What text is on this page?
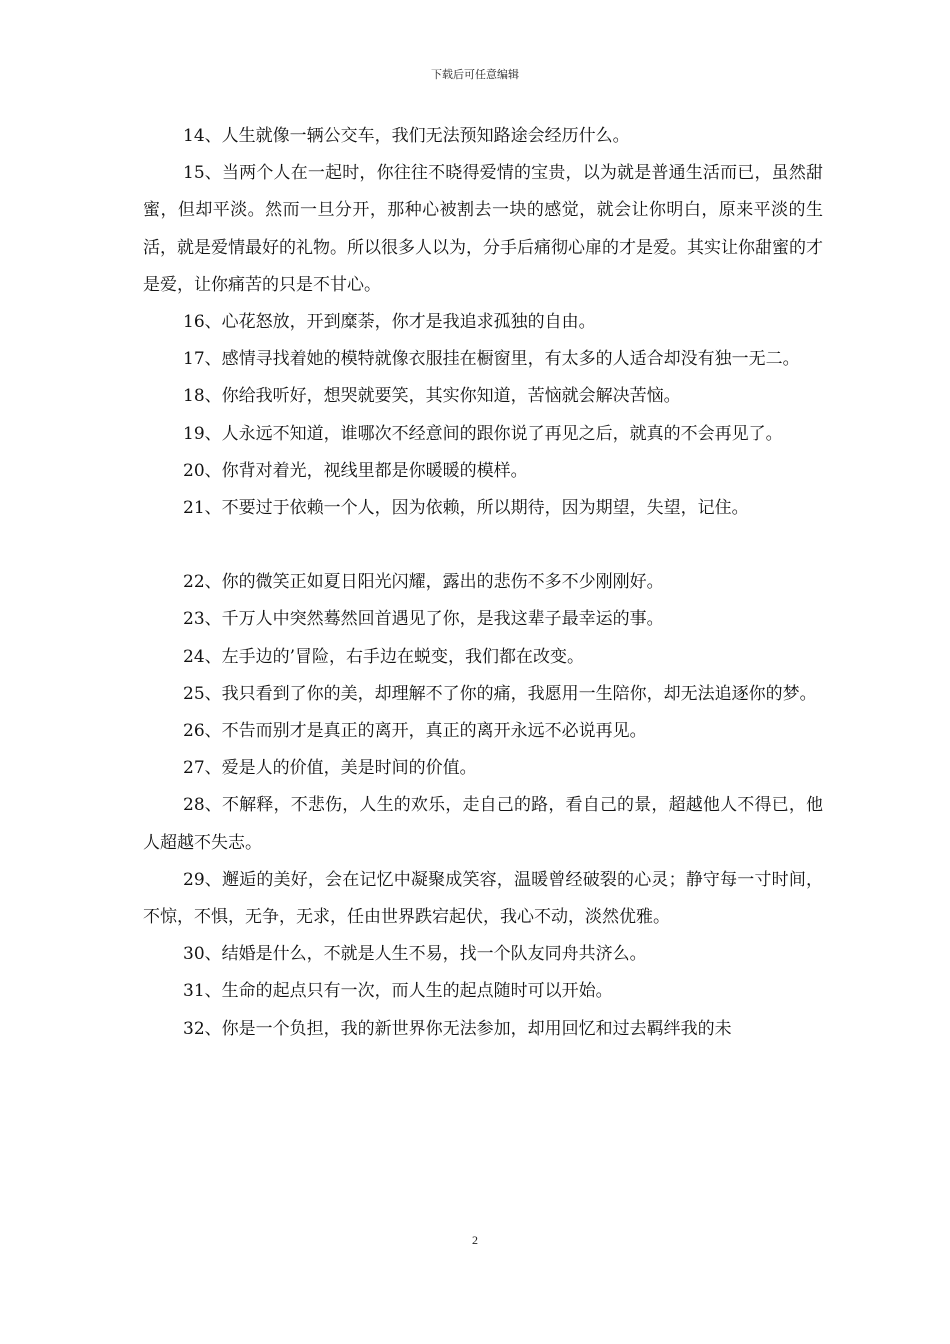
下载后可任意编辑

14、人生就像一辆公交车，我们无法预知路途会经历什么。

15、当两个人在一起时，你往往不晓得爱情的宝贵，以为就是普通生活而已，虽然甜蜜，但却平淡。然而一旦分开，那种心被割去一块的感觉，就会让你明白，原来平淡的生活，就是爱情最好的礼物。所以很多人以为，分手后痛彻心扉的才是爱。其实让你甜蜜的才是爱，让你痛苦的只是不甘心。

16、心花怒放，开到糜荼，你才是我追求孤独的自由。

17、感情寻找着她的模特就像衣服挂在橱窗里，有太多的人适合却没有独一无二。

18、你给我听好，想哭就要笑，其实你知道，苦恼就会解决苦恼。

19、人永远不知道，谁哪次不经意间的跟你说了再见之后，就真的不会再见了。

20、你背对着光，视线里都是你暖暖的模样。

21、不要过于依赖一个人，因为依赖，所以期待，因为期望，失望，记住。

22、你的微笑正如夏日阳光闪耀，露出的悲伤不多不少刚刚好。

23、千万人中突然蓦然回首遇见了你，是我这辈子最幸运的事。

24、左手边的’冒险，右手边在蜕变，我们都在改变。

25、我只看到了你的美，却理解不了你的痛，我愿用一生陪你，却无法追逐你的梦。

26、不告而别才是真正的离开，真正的离开永远不必说再见。

27、爱是人的价值，美是时间的价值。

28、不解释，不悲伤，人生的欢乐，走自己的路，看自己的景，超越他人不得已，他人超越不失志。

29、邂逅的美好，会在记忆中凝聚成笑容，温暖曾经破裂的心灵；静守每一寸时间，不惊，不惧，无争，无求，任由世界跌宕起伏，我心不动，淡然优雅。

30、结婚是什么，不就是人生不易，找一个队友同舟共济么。

31、生命的起点只有一次，而人生的起点随时可以开始。

32、你是一个负担，我的新世界你无法参加，却用回忆和过去羁绊我的未

2
